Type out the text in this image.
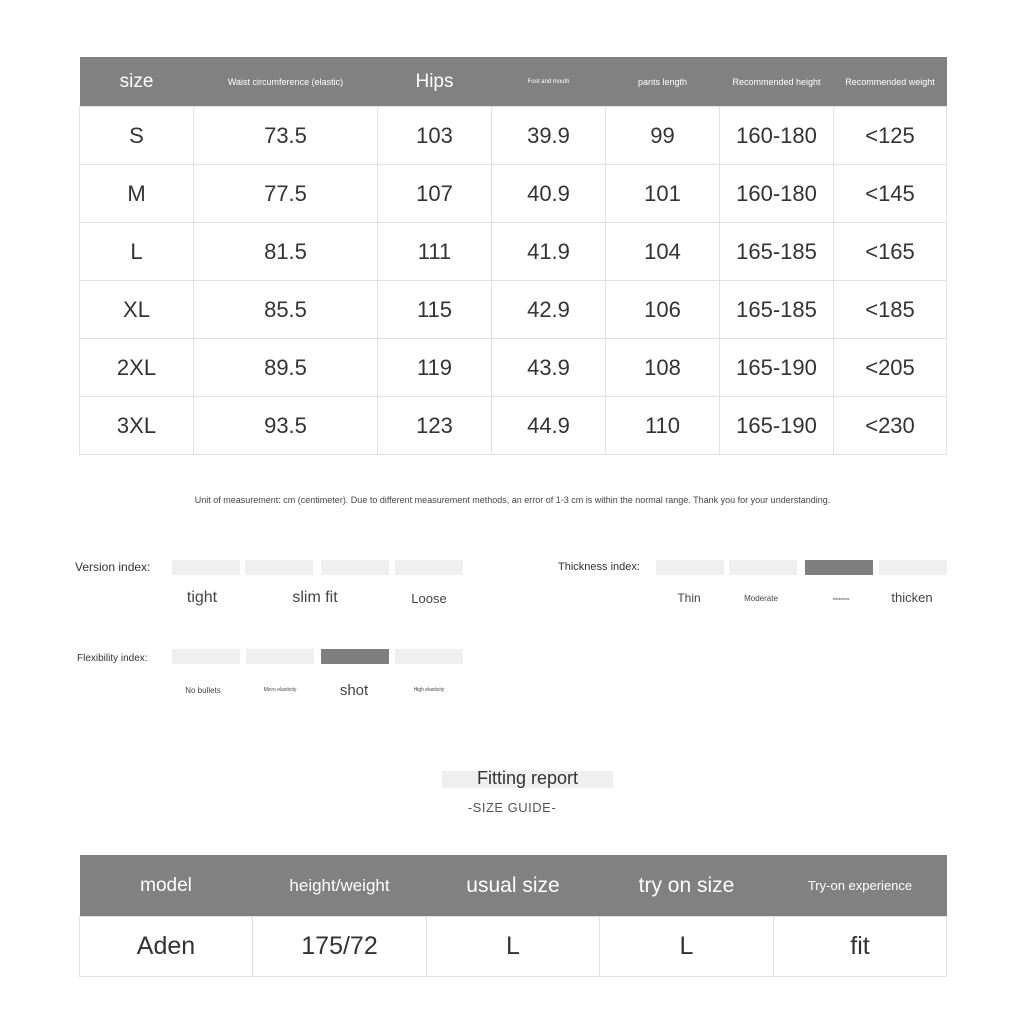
size	Waist circumference (elastic)	Hips	Foot and mouth	pants length	Recommended height	Recommended weight
S	73.5	103	39.9	99	160-180	<125
M	77.5	107	40.9	101	160-180	<145
L	81.5	111	41.9	104	165-185	<165
XL	85.5	115	42.9	106	165-185	<185
2XL	89.5	119	43.9	108	165-190	<205
3XL	93.5	123	44.9	110	165-190	<230
Unit of measurement: cm (centimeter). Due to different measurement methods, an error of 1-3 cm is within the normal range. Thank you for your understanding.
Version index:
tight	slim fit	Loose
Thickness index:
Thin	Moderate	thickness	thicken
Flexibility index:
No bullets	Micro elasticity	shot	High elasticity
Fitting report
-SIZE GUIDE-
model	height/weight	usual size	try on size	Try-on experience
Aden	175/72	L	L	fit
